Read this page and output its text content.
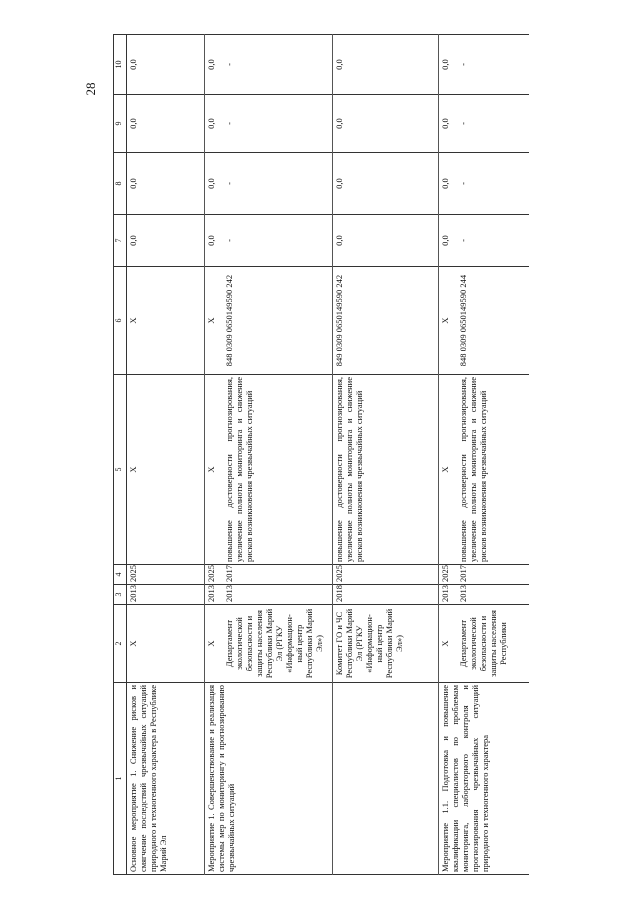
28
1	2	3	4	5	6	7	8	9	10
Основное мероприятие 1. Снижение рисков и смягчение последствий чрезвычайных ситуаций природного и техногенного характера в Республике Марий Эл	X	2013	2025	X	X	0,0	0,0	0,0	0,0
Мероприятие 1. Совершенствование и реализация системы мер по мониторингу и прогнозированию чрезвычайных ситуаций	X Департамент экологической безопасности и защиты населения Республики Марий Эл (РГКУ «Информацион-ный центр Республики Марий Эл»)	2013 2013	2025 2017	X повышение достоверности прогнозирования, увеличение полноты мониторинга и снижение рисков возникновения чрезвычайных ситуаций	X 848 0309 0650149590 242	0,0 -	0,0 -	0,0 -	0,0 -
	Комитет ГО и ЧС Республики Марий Эл (РГКУ «Информацион-ный центр Республики Марий Эл»)	2018	2025	повышение достоверности прогнозирования, увеличение полноты мониторинга и снижение рисков возникновения чрезвычайных ситуаций	849 0309 0650149590 242	0,0	0,0	0,0	0,0
Мероприятие 1.1. Подготовка и повышение квалификации специалистов по проблемам мониторинга, лабораторного контроля и прогнозирования чрезвычайных ситуаций природного и техногенного характера	X Департамент экологической безопасности и защиты населения Республики	2013 2013	2025 2017	X повышение достоверности прогнозирования, увеличение полноты мониторинга и снижение рисков возникновения чрезвычайных ситуаций	X 848 0309 0650149590 244	0,0 -	0,0 -	0,0 -	0,0 -
